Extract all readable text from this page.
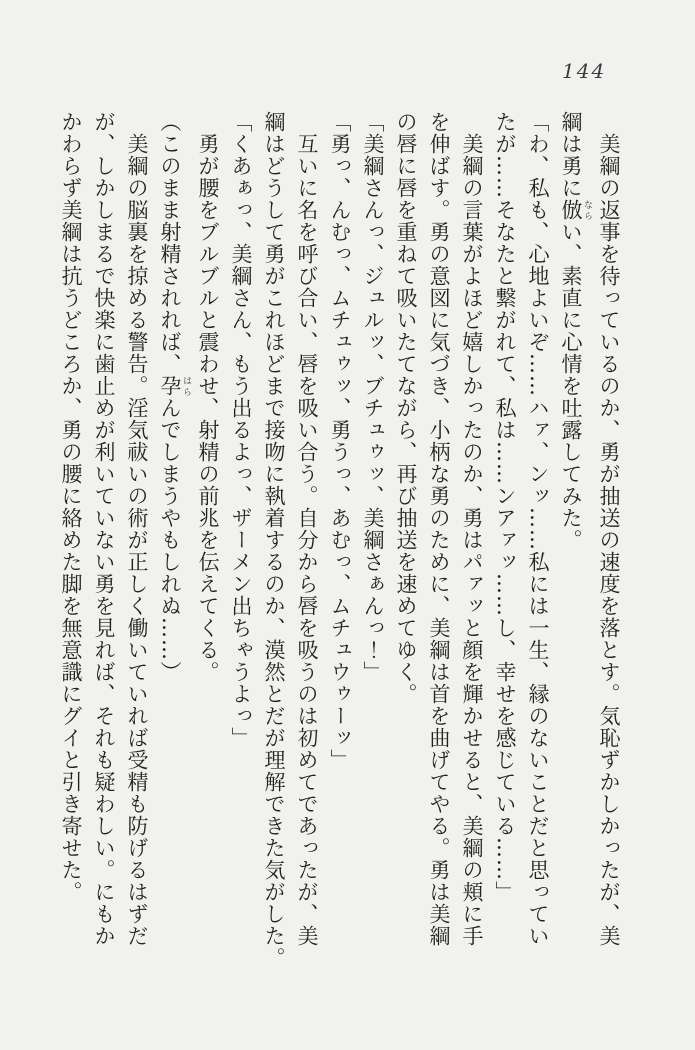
144

　美綱の返事を待っているのか、勇が抽送の速度を落とす。気恥ずかしかったが、美

綱は勇に倣 ならい、素直に心情を吐露してみた。

「わ、私も、心地よいぞ……ハァ、ンッ……私には一生、縁のないことだと思ってい

たが……そなたと繋がれて、私は……ンアァッ……し、幸せを感じている……」

　美綱の言葉がよほど嬉しかったのか、勇はパァッと顔を輝かせると、美綱の頬に手

を伸ばす。勇の意図に気づき、小柄な勇のために、美綱は首を曲げてやる。勇は美綱

の唇に唇を重ねて吸いたてながら、再び抽送を速めてゆく。

「美綱さんっ、ジュルッ、ブチュゥッ、美綱さぁんっ！」

「勇っ、んむっ、ムチュゥッ、勇うっ、あむっ、ムチュウゥーッ」

　互いに名を呼び合い、唇を吸い合う。自分から唇を吸うのは初めてであったが、美

綱はどうして勇がこれほどまで接吻に執着するのか、漠然とだが理解できた気がした。

「くあぁっ、美綱さん、もう出るよっ、ザーメン出ちゃうよっ」

　勇が腰をブルブルと震わせ、射精の前兆を伝えてくる。

（このまま射精されれば、孕 はらんでしまうやもしれぬ……）

　美綱の脳裏を掠める警告。淫気祓いの術が正しく働いていれば受精も防げるはずだ

が、しかしまるで快楽に歯止めが利いていない勇を見れば、それも疑わしい。にもか

かわらず美綱は抗うどころか、勇の腰に絡めた脚を無意識にグイと引き寄せた。
